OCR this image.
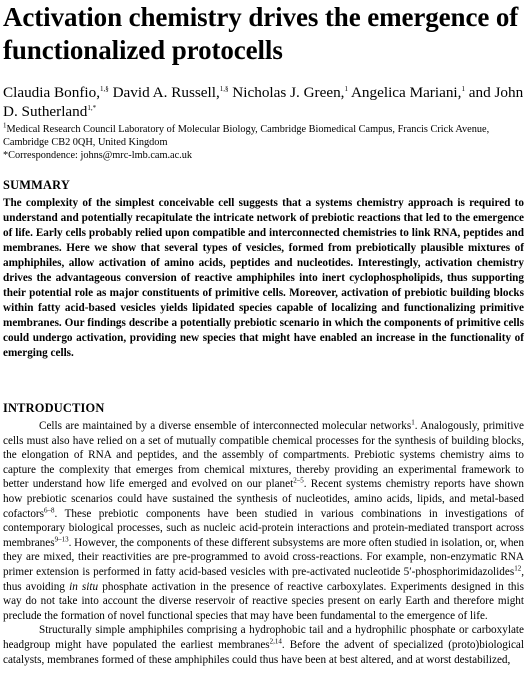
Activation chemistry drives the emergence of functionalized protocells
Claudia Bonfio,$^{1,\S}$ David A. Russell,$^{1,\S}$ Nicholas J. Green,$^1$ Angelica Mariani,$^1$ and John D. Sutherland$^{1,*}$
$^1$Medical Research Council Laboratory of Molecular Biology, Cambridge Biomedical Campus, Francis Crick Avenue, Cambridge CB2 0QH, United Kingdom
*Correspondence: johns@mrc-lmb.cam.ac.uk
SUMMARY
The complexity of the simplest conceivable cell suggests that a systems chemistry approach is required to understand and potentially recapitulate the intricate network of prebiotic reactions that led to the emergence of life. Early cells probably relied upon compatible and interconnected chemistries to link RNA, peptides and membranes. Here we show that several types of vesicles, formed from prebiotically plausible mixtures of amphiphiles, allow activation of amino acids, peptides and nucleotides. Interestingly, activation chemistry drives the advantageous conversion of reactive amphiphiles into inert cyclophospholipids, thus supporting their potential role as major constituents of primitive cells. Moreover, activation of prebiotic building blocks within fatty acid-based vesicles yields lipidated species capable of localizing and functionalizing primitive membranes. Our findings describe a potentially prebiotic scenario in which the components of primitive cells could undergo activation, providing new species that might have enabled an increase in the functionality of emerging cells.
INTRODUCTION

Cells are maintained by a diverse ensemble of interconnected molecular networks$^1$. Analogously, primitive cells must also have relied on a set of mutually compatible chemical processes for the synthesis of building blocks, the elongation of RNA and peptides, and the assembly of compartments. Prebiotic systems chemistry aims to capture the complexity that emerges from chemical mixtures, thereby providing an experimental framework to better understand how life emerged and evolved on our planet$^{2-5}$. Recent systems chemistry reports have shown how prebiotic scenarios could have sustained the synthesis of nucleotides, amino acids, lipids, and metal-based cofactors$^{6-8}$. These prebiotic components have been studied in various combinations in investigations of contemporary biological processes, such as nucleic acid-protein interactions and protein-mediated transport across membranes$^{9-13}$. However, the components of these different subsystems are more often studied in isolation, or, when they are mixed, their reactivities are pre-programmed to avoid cross-reactions. For example, non-enzymatic RNA primer extension is performed in fatty acid-based vesicles with pre-activated nucleotide 5′-phosphorimidazolides$^{12}$, thus avoiding in situ phosphate activation in the presence of reactive carboxylates. Experiments designed in this way do not take into account the diverse reservoir of reactive species present on early Earth and therefore might preclude the formation of novel functional species that may have been fundamental to the emergence of life.

Structurally simple amphiphiles comprising a hydrophobic tail and a hydrophilic phosphate or carboxylate headgroup might have populated the earliest membranes$^{2,14}$. Before the advent of specialized (proto)biological catalysts, membranes formed of these amphiphiles could thus have been at best altered, and at worst destabilized,
